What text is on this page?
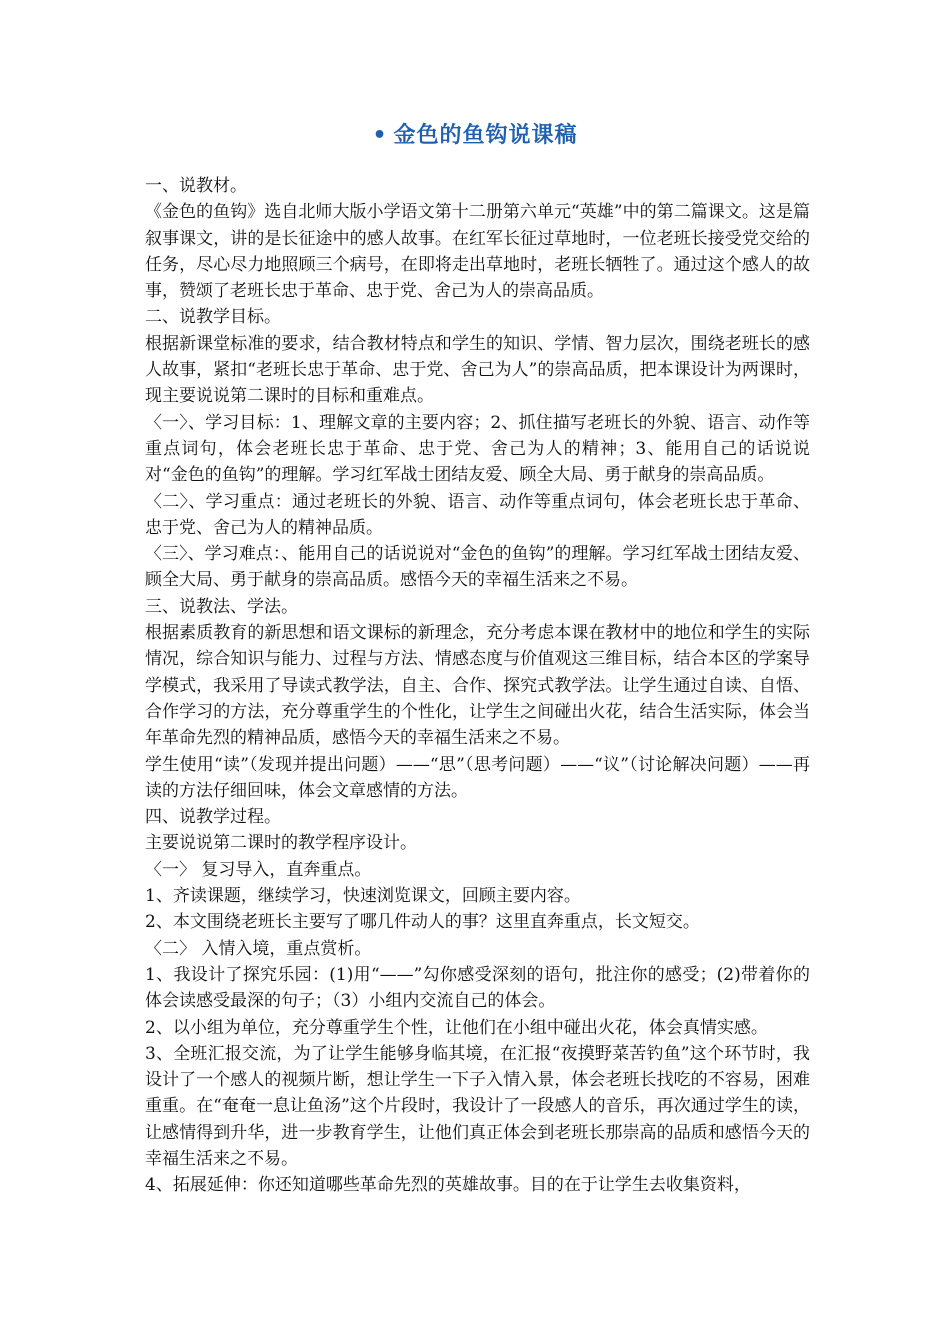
• 金色的鱼钩说课稿

一、说教材。

《金色的鱼钩》选自北师大版小学语文第十二册第六单元“英雄”中的第二篇课文。这是篇叙事课文，讲的是长征途中的感人故事。在红军长征过草地时，一位老班长接受党交给的任务，尽心尽力地照顾三个病号，在即将走出草地时，老班长牺牲了。通过这个感人的故事，赞颂了老班长忠于革命、忠于党、舍己为人的崇高品质。

二、说教学目标。

根据新课堂标准的要求，结合教材特点和学生的知识、学情、智力层次，围绕老班长的感人故事，紧扣“老班长忠于革命、忠于党、舍己为人”的崇高品质，把本课设计为两课时，现主要说说第二课时的目标和重难点。

〈一〉、学习目标：1、理解文章的主要内容；2、抓住描写老班长的外貌、语言、动作等重点词句，体会老班长忠于革命、忠于党、舍己为人的精神；3、能用自己的话说说对“金色的鱼钩”的理解。学习红军战士团结友爱、顾全大局、勇于献身的崇高品质。

〈二〉、学习重点：通过老班长的外貌、语言、动作等重点词句，体会老班长忠于革命、忠于党、舍己为人的精神品质。

〈三〉、学习难点：、能用自己的话说说对“金色的鱼钩”的理解。学习红军战士团结友爱、顾全大局、勇于献身的崇高品质。感悟今天的幸福生活来之不易。

三、说教法、学法。

根据素质教育的新思想和语文课标的新理念，充分考虑本课在教材中的地位和学生的实际情况，综合知识与能力、过程与方法、情感态度与价值观这三维目标，结合本区的学案导学模式，我采用了导读式教学法，自主、合作、探究式教学法。让学生通过自读、自悟、合作学习的方法，充分尊重学生的个性化，让学生之间碰出火花，结合生活实际，体会当年革命先烈的精神品质，感悟今天的幸福生活来之不易。

学生使用“读”（发现并提出问题）——“思”（思考问题）——“议”（讨论解决问题）——再读的方法仔细回味，体会文章感情的方法。

四、说教学过程。

主要说说第二课时的教学程序设计。

〈一〉 复习导入，直奔重点。

1、齐读课题，继续学习，快速浏览课文，回顾主要内容。

2、本文围绕老班长主要写了哪几件动人的事？这里直奔重点，长文短交。

〈二〉 入情入境，重点赏析。

1、我设计了探究乐园：(1)用“——”勾你感受深刻的语句，批注你的感受；(2)带着你的体会读感受最深的句子；（3）小组内交流自己的体会。

2、以小组为单位，充分尊重学生个性，让他们在小组中碰出火花，体会真情实感。

3、全班汇报交流，为了让学生能够身临其境，在汇报“夜摸野菜苦钓鱼”这个环节时，我设计了一个感人的视频片断，想让学生一下子入情入景，体会老班长找吃的不容易，困难重重。在“奄奄一息让鱼汤”这个片段时，我设计了一段感人的音乐，再次通过学生的读，让感情得到升华，进一步教育学生，让他们真正体会到老班长那崇高的品质和感悟今天的幸福生活来之不易。

4、拓展延伸：你还知道哪些革命先烈的英雄故事。目的在于让学生去收集资料，
